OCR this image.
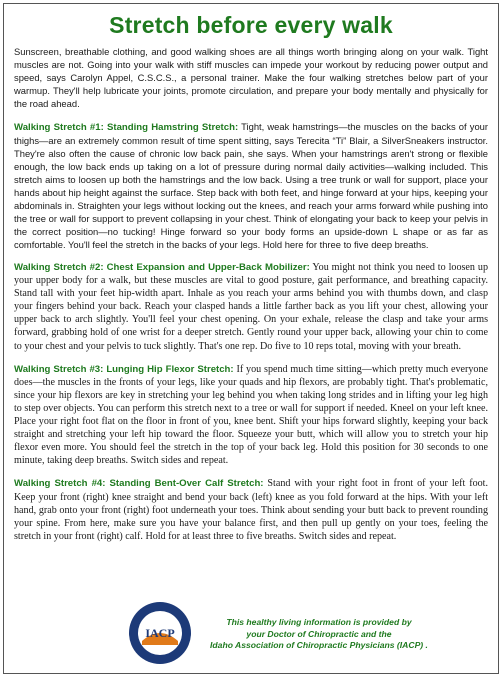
Stretch before every walk
Sunscreen, breathable clothing, and good walking shoes are all things worth bringing along on your walk. Tight muscles are not. Going into your walk with stiff muscles can impede your workout by reducing power output and speed, says Carolyn Appel, C.S.C.S., a personal trainer. Make the four walking stretches below part of your warmup. They'll help lubricate your joints, promote circulation, and prepare your body mentally and physically for the road ahead.
Walking Stretch #1: Standing Hamstring Stretch: Tight, weak hamstrings—the muscles on the backs of your thighs—are an extremely common result of time spent sitting, says Terecita “Ti” Blair, a SilverSneakers instructor. They're also often the cause of chronic low back pain, she says. When your hamstrings aren't strong or flexible enough, the low back ends up taking on a lot of pressure during normal daily activities—walking included. This stretch aims to loosen up both the hamstrings and the low back. Using a tree trunk or wall for support, place your hands about hip height against the surface. Step back with both feet, and hinge forward at your hips, keeping your abdominals in. Straighten your legs without locking out the knees, and reach your arms forward while pushing into the tree or wall for support to prevent collapsing in your chest. Think of elongating your back to keep your pelvis in the correct position—no tucking! Hinge forward so your body forms an upside-down L shape or as far as comfortable. You'll feel the stretch in the backs of your legs. Hold here for three to five deep breaths.
Walking Stretch #2: Chest Expansion and Upper-Back Mobilizer: You might not think you need to loosen up your upper body for a walk, but these muscles are vital to good posture, gait performance, and breathing capacity. Stand tall with your feet hip-width apart. Inhale as you reach your arms behind you with thumbs down, and clasp your fingers behind your back. Reach your clasped hands a little farther back as you lift your chest, allowing your upper back to arch slightly. You'll feel your chest opening. On your exhale, release the clasp and take your arms forward, grabbing hold of one wrist for a deeper stretch. Gently round your upper back, allowing your chin to come to your chest and your pelvis to tuck slightly. That's one rep. Do five to 10 reps total, moving with your breath.
Walking Stretch #3: Lunging Hip Flexor Stretch: If you spend much time sitting—which pretty much everyone does—the muscles in the fronts of your legs, like your quads and hip flexors, are probably tight. That's problematic, since your hip flexors are key in stretching your leg behind you when taking long strides and in lifting your leg high to step over objects. You can perform this stretch next to a tree or wall for support if needed. Kneel on your left knee. Place your right foot flat on the floor in front of you, knee bent. Shift your hips forward slightly, keeping your back straight and stretching your left hip toward the floor. Squeeze your butt, which will allow you to stretch your hip flexor even more. You should feel the stretch in the top of your back leg. Hold this position for 30 seconds to one minute, taking deep breaths. Switch sides and repeat.
Walking Stretch #4: Standing Bent-Over Calf Stretch: Stand with your right foot in front of your left foot. Keep your front (right) knee straight and bend your back (left) knee as you fold forward at the hips. With your left hand, grab onto your front (right) foot underneath your toes. Think about sending your butt back to prevent rounding your spine. From here, make sure you have your balance first, and then pull up gently on your toes, feeling the stretch in your front (right) calf. Hold for at least three to five breaths. Switch sides and repeat.
IACP
This healthy living information is provided by
your Doctor of Chiropractic and the
Idaho Association of Chiropractic Physicians (IACP) .
